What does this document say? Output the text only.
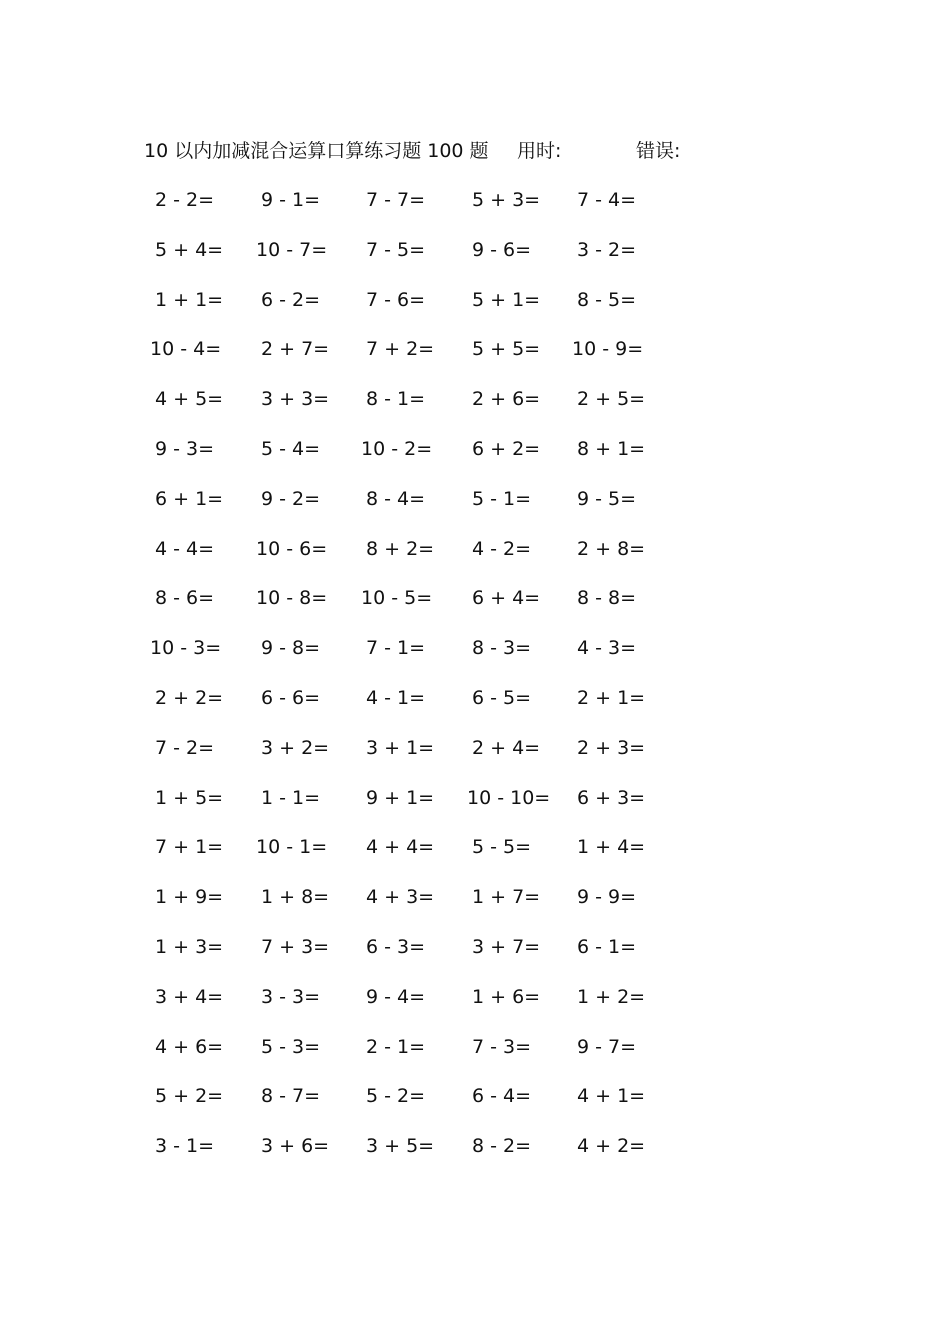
10 以内加减混合运算口算练习题 100 题 用时:	错误:
2 - 2=	9 - 1=	7 - 7=	5 + 3=	7 - 4=
5 + 4=	10 - 7=	7 - 5=	9 - 6=	3 - 2=
1 + 1=	6 - 2=	7 - 6=	5 + 1=	8 - 5=
10 - 4=	2 + 7=	7 + 2=	5 + 5=	10 - 9=
4 + 5=	3 + 3=	8 - 1=	2 + 6=	2 + 5=
9 - 3=	5 - 4=	10 - 2=	6 + 2=	8 + 1=
6 + 1=	9 - 2=	8 - 4=	5 - 1=	9 - 5=
4 - 4=	10 - 6=	8 + 2=	4 - 2=	2 + 8=
8 - 6=	10 - 8=	10 - 5=	6 + 4=	8 - 8=
10 - 3=	9 - 8=	7 - 1=	8 - 3=	4 - 3=
2 + 2=	6 - 6=	4 - 1=	6 - 5=	2 + 1=
7 - 2=	3 + 2=	3 + 1=	2 + 4=	2 + 3=
1 + 5=	1 - 1=	9 + 1=	10 - 10=	6 + 3=
7 + 1=	10 - 1=	4 + 4=	5 - 5=	1 + 4=
1 + 9=	1 + 8=	4 + 3=	1 + 7=	9 - 9=
1 + 3=	7 + 3=	6 - 3=	3 + 7=	6 - 1=
3 + 4=	3 - 3=	9 - 4=	1 + 6=	1 + 2=
4 + 6=	5 - 3=	2 - 1=	7 - 3=	9 - 7=
5 + 2=	8 - 7=	5 - 2=	6 - 4=	4 + 1=
3 - 1=	3 + 6=	3 + 5=	8 - 2=	4 + 2=
